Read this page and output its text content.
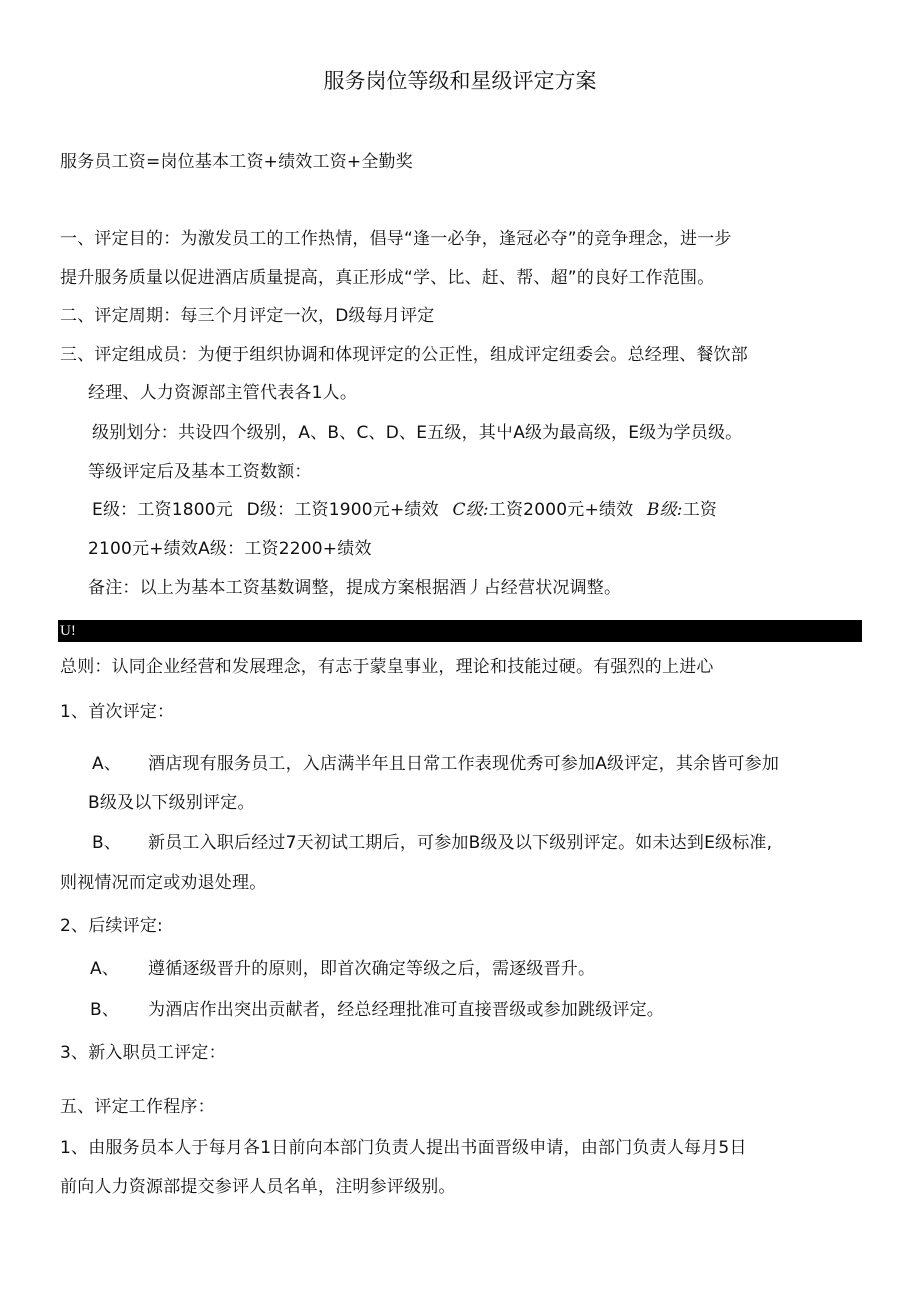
服务岗位等级和星级评定方案
服务员工资=岗位基本工资+绩效工资+全勤奖
一、评定目的：为激发员工的工作热情，倡导“逢一必争，逢冠必夺”的竞争理念，进一步
提升服务质量以促进酒店质量提高，真正形成“学、比、赶、帮、超”的良好工作范围。
二、评定周期：每三个月评定一次，D级每月评定
三、评定组成员：为便于组织协调和体现评定的公正性，组成评定纽委会。总经理、餐饮部
经理、人力资源部主管代表各1人。
级别划分：共设四个级别，A、B、C、D、E五级，其屮A级为最高级，E级为学员级。
等级评定后及基本工资数额：
E级：工资1800元 D级：工资1900元+绩效 C级:工资2000元+绩效 B级:工资
2100元+绩效A级：工资2200+绩效
备注：以上为基本工资基数调整，提成方案根据酒丿占经营状况调整。
U!
总则：认同企业经营和发展理念，有志于蒙皇事业，理论和技能过硬。有强烈的上进心
1、首次评定：
A、 酒店现有服务员工，入店满半年且日常工作表现优秀可参加A级评定，其余皆可参加
B级及以下级别评定。
B、 新员工入职后经过7天初试工期后，可参加B级及以下级别评定。如未达到E级标准,
则视情况而定或劝退处理。
2、后续评定:
A、 遵循逐级晋升的原则，即首次确定等级之后，需逐级晋升。
B、 为酒店作出突出贡献者，经总经理批准可直接晋级或参加跳级评定。
3、新入职员工评定：
五、评定工作程序：
1、由服务员本人于每月各1日前向本部门负责人提出书面晋级申请，由部门负责人每月5日
前向人力资源部提交参评人员名单，注明参评级别。
